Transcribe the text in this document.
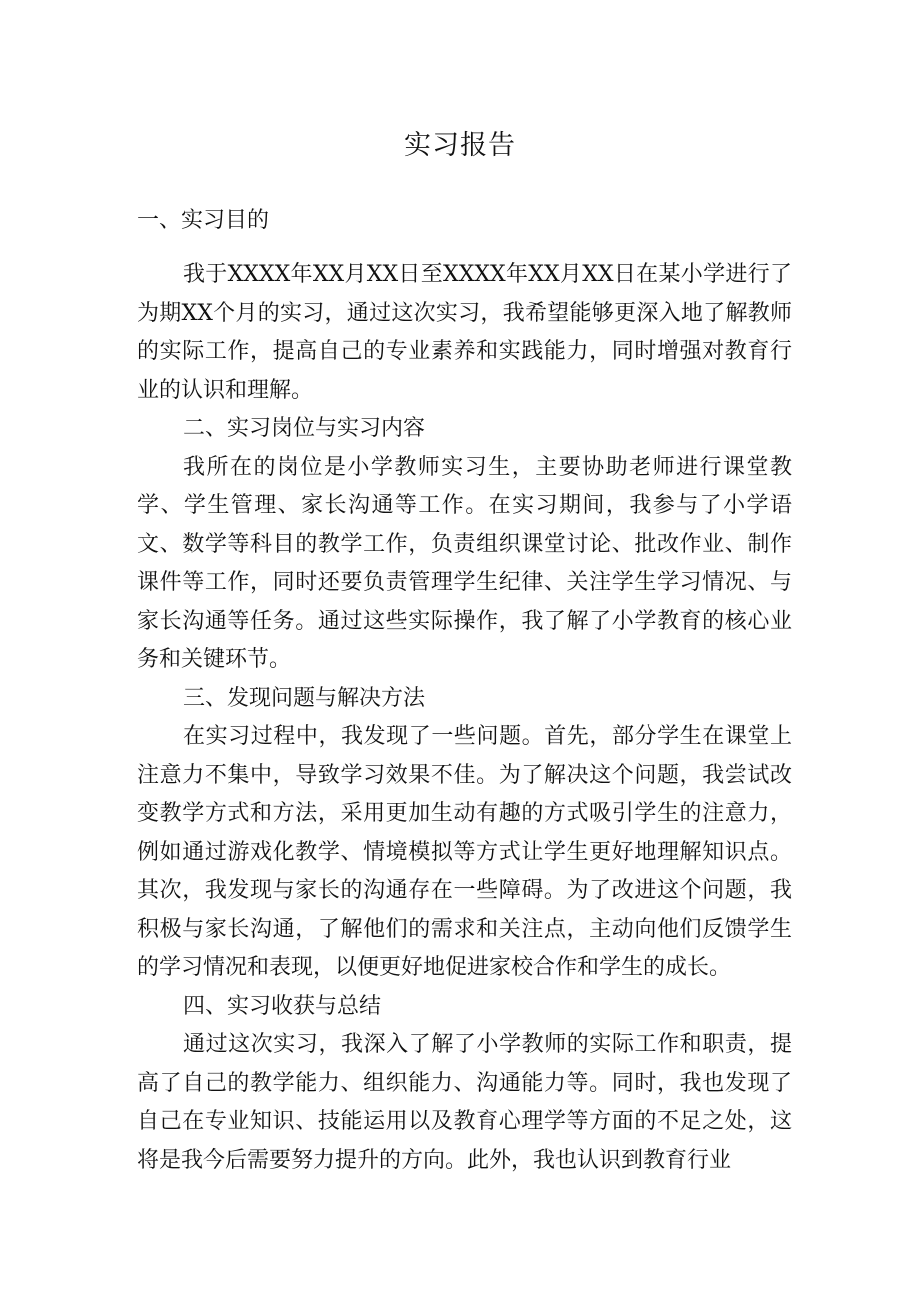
实习报告
一、实习目的

我于XXXX年XX月XX日至XXXX年XX月XX日在某小学进行了为期XX个月的实习，通过这次实习，我希望能够更深入地了解教师的实际工作，提高自己的专业素养和实践能力，同时增强对教育行业的认识和理解。

二、实习岗位与实习内容

我所在的岗位是小学教师实习生，主要协助老师进行课堂教学、学生管理、家长沟通等工作。在实习期间，我参与了小学语文、数学等科目的教学工作，负责组织课堂讨论、批改作业、制作课件等工作，同时还要负责管理学生纪律、关注学生学习情况、与家长沟通等任务。通过这些实际操作，我了解了小学教育的核心业务和关键环节。

三、发现问题与解决方法

在实习过程中，我发现了一些问题。首先，部分学生在课堂上注意力不集中，导致学习效果不佳。为了解决这个问题，我尝试改变教学方式和方法，采用更加生动有趣的方式吸引学生的注意力，例如通过游戏化教学、情境模拟等方式让学生更好地理解知识点。其次，我发现与家长的沟通存在一些障碍。为了改进这个问题，我积极与家长沟通，了解他们的需求和关注点，主动向他们反馈学生的学习情况和表现，以便更好地促进家校合作和学生的成长。

四、实习收获与总结

通过这次实习，我深入了解了小学教师的实际工作和职责，提高了自己的教学能力、组织能力、沟通能力等。同时，我也发现了自己在专业知识、技能运用以及教育心理学等方面的不足之处，这将是我今后需要努力提升的方向。此外，我也认识到教育行业
